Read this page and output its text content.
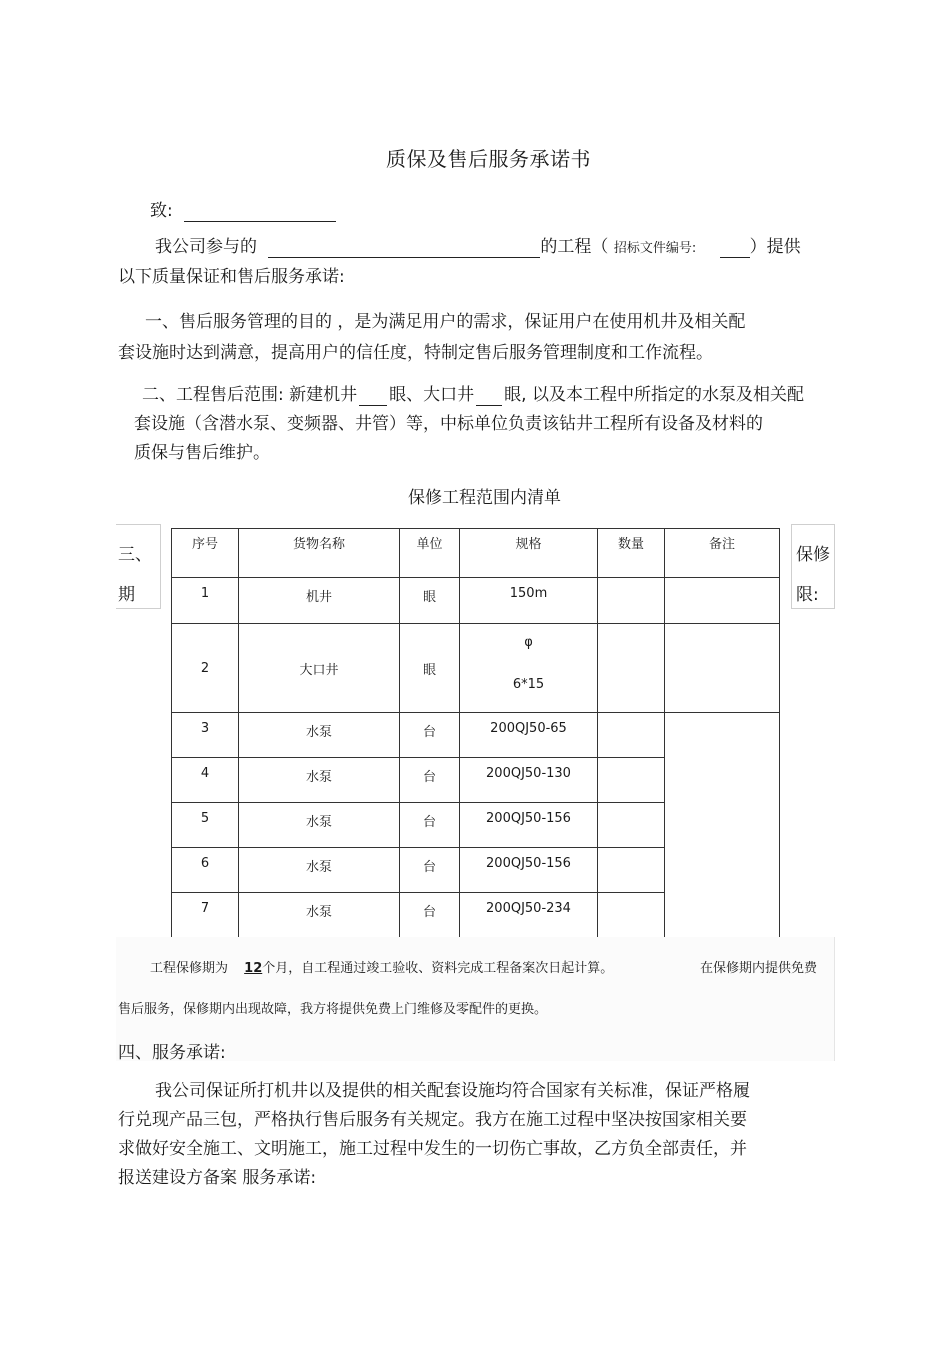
质保及售后服务承诺书
致:
我公司参与的	的工程（ 招标文件编号:	）提供
以下质量保证和售后服务承诺:
一、售后服务管理的目的 ，是为满足用户的需求，保证用户在使用机井及相关配
套设施时达到满意，提高用户的信任度，特制定售后服务管理制度和工作流程。
二、工程售后范围: 新建机井 眼、大口井 眼, 以及本工程中所指定的水泵及相关配
套设施（含潜水泵、变频器、井管）等，中标单位负责该钻井工程所有设备及材料的
质保与售后维护。
保修工程范围内清单
三、
期
保修
限:
序号	货物名称	单位	规格	数量	备注
1	机井	眼	150m		
2	大口井	眼	φ
6*15		

3	水泵	台	200QJ50-65		
4	水泵	台	200QJ50-130		
5	水泵	台	200QJ50-156		
6	水泵	台	200QJ50-156		
7	水泵	台	200QJ50-234		
工程保修期为 12个月，自工程通过竣工验收、资料完成工程备案次日起计算。	在保修期内提供免费
售后服务，保修期内出现故障，我方将提供免费上门维修及零配件的更换。
四、服务承诺:
我公司保证所打机井以及提供的相关配套设施均符合国家有关标准，保证严格履
行兑现产品三包，严格执行售后服务有关规定。我方在施工过程中坚决按国家相关要
求做好安全施工、文明施工，施工过程中发生的一切伤亡事故，乙方负全部责任，并
报送建设方备案 服务承诺:
